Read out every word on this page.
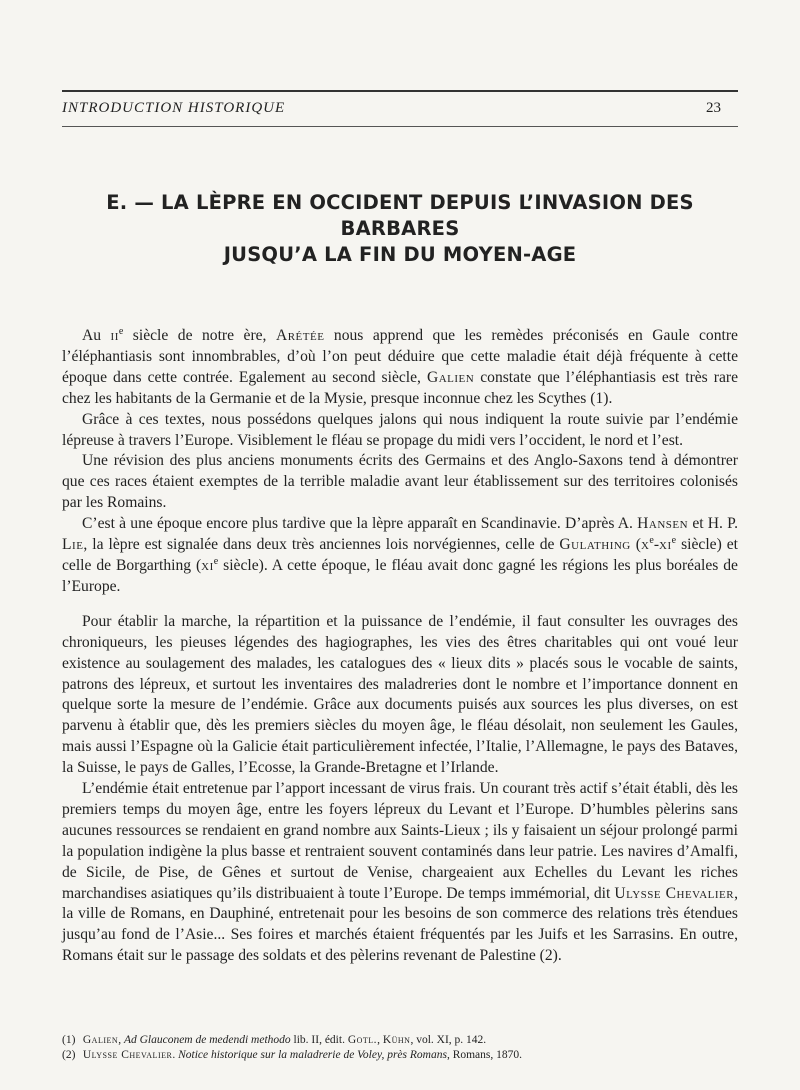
INTRODUCTION HISTORIQUE	23
E. — LA LÈPRE EN OCCIDENT DEPUIS L’INVASION DES BARBARES
JUSQU’A LA FIN DU MOYEN-AGE

Au $ii^e$ siècle de notre ère, Arétée nous apprend que les remèdes préconisés en Gaule contre l’éléphantiasis sont innombrables, d’où l’on peut déduire que cette maladie était déjà fréquente à cette époque dans cette contrée. Egalement au second siècle, Galien constate que l’éléphantiasis est très rare chez les habitants de la Germanie et de la Mysie, presque inconnue chez les Scythes (1).

Grâce à ces textes, nous possédons quelques jalons qui nous indiquent la route suivie par l’endémie lépreuse à travers l’Europe. Visiblement le fléau se propage du midi vers l’occident, le nord et l’est.

Une révision des plus anciens monuments écrits des Germains et des Anglo-Saxons tend à démontrer que ces races étaient exemptes de la terrible maladie avant leur établissement sur des territoires colonisés par les Romains.

C’est à une époque encore plus tardive que la lèpre apparaît en Scandinavie. D’après A. Hansen et H. P. Lie, la lèpre est signalée dans deux très anciennes lois norvégiennes, celle de Gulathing ($x^e-xi^e$ siècle) et celle de Borgarthing ($xi^e$ siècle). A cette époque, le fléau avait donc gagné les régions les plus boréales de l’Europe.

Pour établir la marche, la répartition et la puissance de l’endémie, il faut consulter les ouvrages des chroniqueurs, les pieuses légendes des hagiographes, les vies des êtres charitables qui ont voué leur existence au soulagement des malades, les catalogues des « lieux dits » placés sous le vocable de saints, patrons des lépreux, et surtout les inventaires des maladreries dont le nombre et l’importance donnent en quelque sorte la mesure de l’endémie. Grâce aux documents puisés aux sources les plus diverses, on est parvenu à établir que, dès les premiers siècles du moyen âge, le fléau désolait, non seulement les Gaules, mais aussi l’Espagne où la Galicie était particulièrement infectée, l’Italie, l’Allemagne, le pays des Bataves, la Suisse, le pays de Galles, l’Ecosse, la Grande-Bretagne et l’Irlande.

L’endémie était entretenue par l’apport incessant de virus frais. Un courant très actif s’était établi, dès les premiers temps du moyen âge, entre les foyers lépreux du Levant et l’Europe. D’humbles pèlerins sans aucunes ressources se rendaient en grand nombre aux Saints-Lieux ; ils y faisaient un séjour prolongé parmi la population indigène la plus basse et rentraient souvent contaminés dans leur patrie. Les navires d’Amalfi, de Sicile, de Pise, de Gênes et surtout de Venise, chargeaient aux Echelles du Levant les riches marchandises asiatiques qu’ils distribuaient à toute l’Europe. De temps immémorial, dit Ulysse Chevalier, la ville de Romans, en Dauphiné, entretenait pour les besoins de son commerce des relations très étendues jusqu’au fond de l’Asie... Ses foires et marchés étaient fréquentés par les Juifs et les Sarrasins. En outre, Romans était sur le passage des soldats et des pèlerins revenant de Palestine (2).

(1) Galien, Ad Glauconem de medendi methodo lib. II, édit. Gotl., Kühn, vol. XI, p. 142.
(2) Ulysse Chevalier. Notice historique sur la maladrerie de Voley, près Romans, Romans, 1870.
